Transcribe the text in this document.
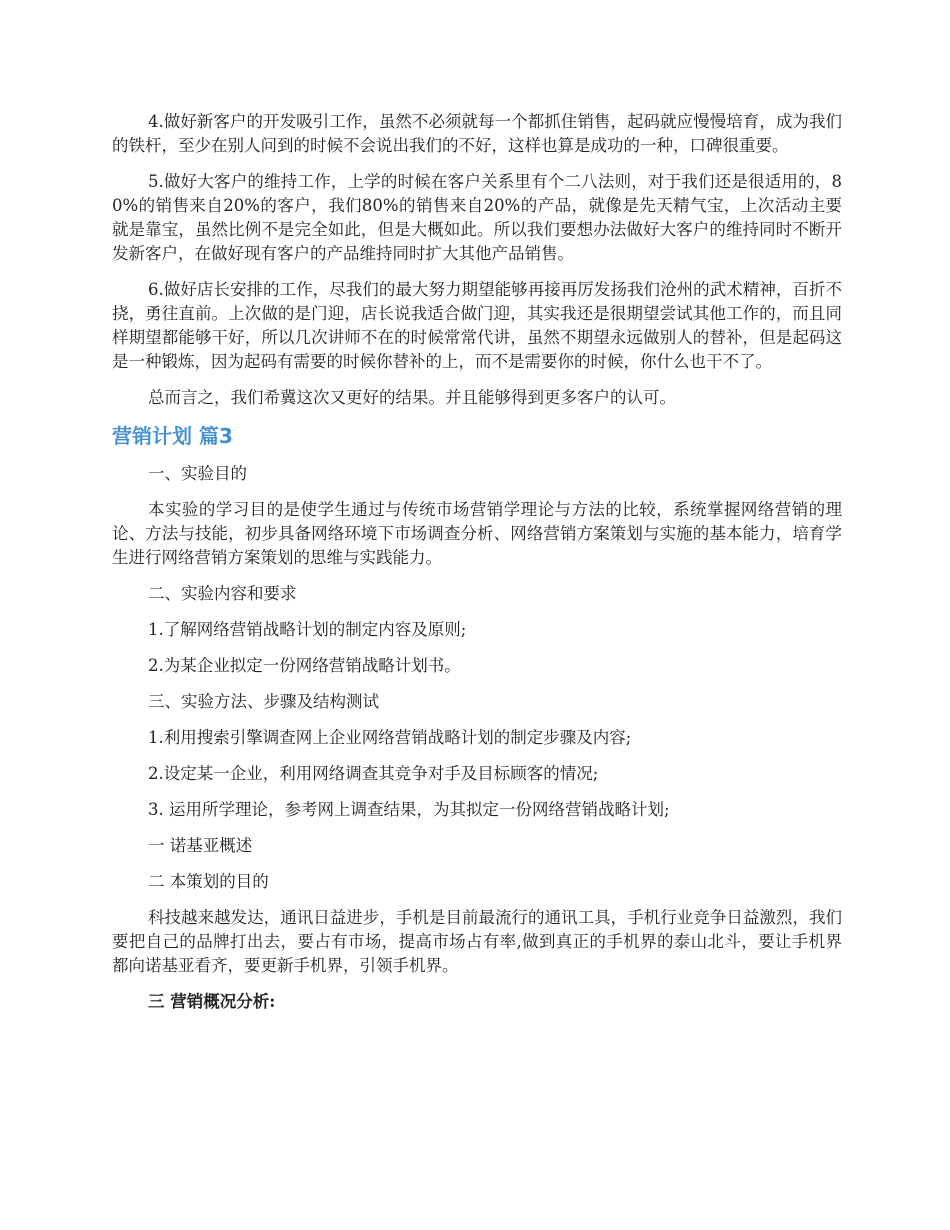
4.做好新客户的开发吸引工作，虽然不必须就每一个都抓住销售，起码就应慢慢培育，成为我们的铁杆，至少在别人问到的时候不会说出我们的不好，这样也算是成功的一种，口碑很重要。

5.做好大客户的维持工作，上学的时候在客户关系里有个二八法则，对于我们还是很适用的，80%的销售来自20%的客户，我们80%的销售来自20%的产品，就像是先天精气宝，上次活动主要就是靠宝，虽然比例不是完全如此，但是大概如此。所以我们要想办法做好大客户的维持同时不断开发新客户，在做好现有客户的产品维持同时扩大其他产品销售。

6.做好店长安排的工作，尽我们的最大努力期望能够再接再厉发扬我们沧州的武术精神，百折不挠，勇往直前。上次做的是门迎，店长说我适合做门迎，其实我还是很期望尝试其他工作的，而且同样期望都能够干好，所以几次讲师不在的时候常常代讲，虽然不期望永远做别人的替补，但是起码这是一种锻炼，因为起码有需要的时候你替补的上，而不是需要你的时候，你什么也干不了。

总而言之，我们希冀这次又更好的结果。并且能够得到更多客户的认可。

营销计划 篇3

一、实验目的

本实验的学习目的是使学生通过与传统市场营销学理论与方法的比较，系统掌握网络营销的理论、方法与技能，初步具备网络环境下市场调查分析、网络营销方案策划与实施的基本能力，培育学生进行网络营销方案策划的思维与实践能力。

二、实验内容和要求

1.了解网络营销战略计划的制定内容及原则;

2.为某企业拟定一份网络营销战略计划书。

三、实验方法、步骤及结构测试

1.利用搜索引擎调查网上企业网络营销战略计划的制定步骤及内容;

2.设定某一企业，利用网络调查其竞争对手及目标顾客的情况;

3. 运用所学理论，参考网上调查结果，为其拟定一份网络营销战略计划;

一 诺基亚概述

二 本策划的目的

科技越来越发达，通讯日益进步，手机是目前最流行的通讯工具，手机行业竞争日益激烈，我们要把自己的品牌打出去，要占有市场，提高市场占有率,做到真正的手机界的泰山北斗，要让手机界都向诺基亚看齐，要更新手机界，引领手机界。

三 营销概况分析:
